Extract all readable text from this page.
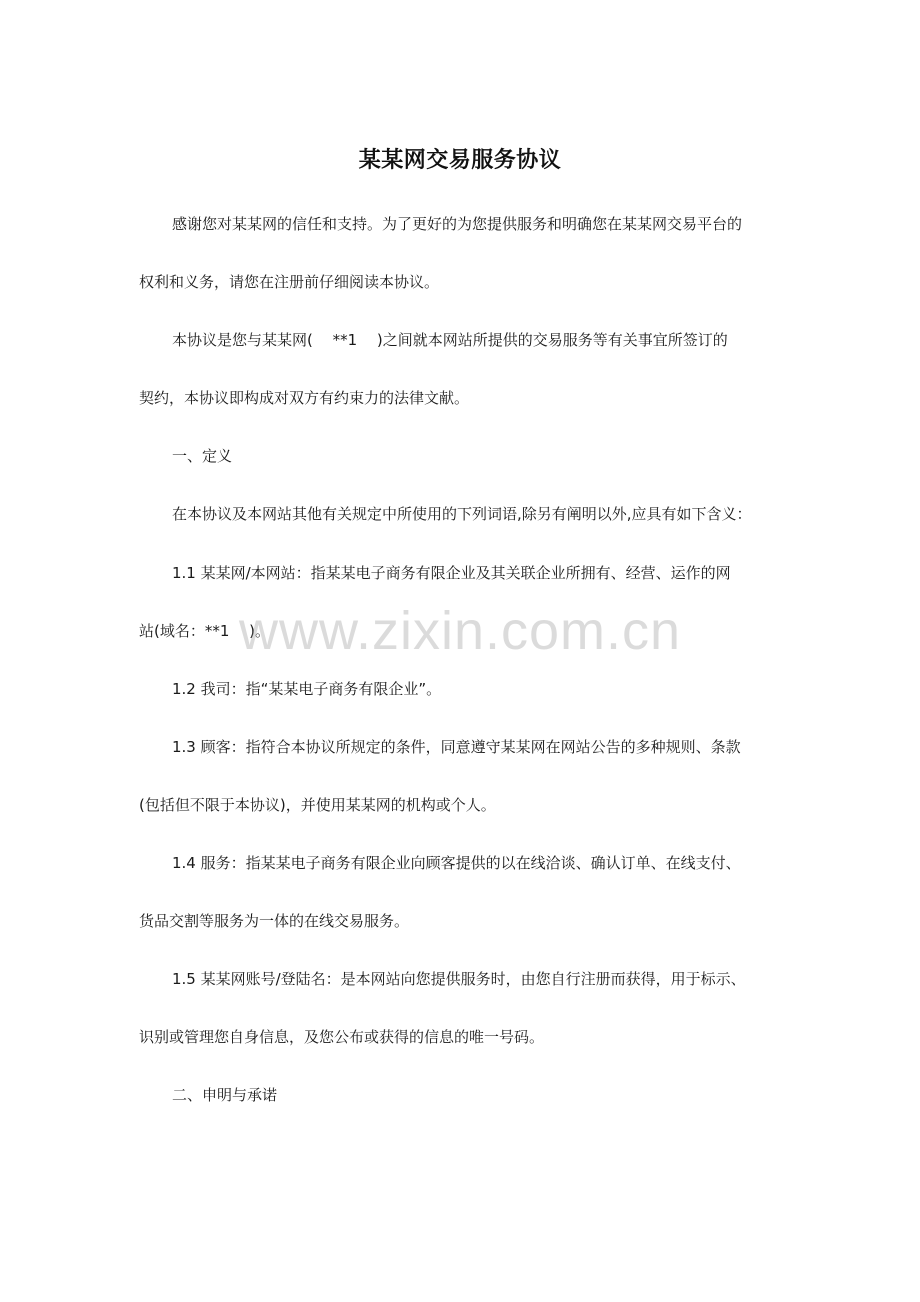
某某网交易服务协议
感谢您对某某网的信任和支持。为了更好的为您提供服务和明确您在某某网交易平台的
权利和义务，请您在注册前仔细阅读本协议。
本协议是您与某某网(　 **1　 )之间就本网站所提供的交易服务等有关事宜所签订的
契约，本协议即构成对双方有约束力的法律文献。
一、定义
在本协议及本网站其他有关规定中所使用的下列词语,除另有阐明以外,应具有如下含义：
1.1 某某网/本网站：指某某电子商务有限企业及其关联企业所拥有、经营、运作的网
站(域名：**1　 )。
1.2 我司：指“某某电子商务有限企业”。
1.3 顾客：指符合本协议所规定的条件，同意遵守某某网在网站公告的多种规则、条款
(包括但不限于本协议)，并使用某某网的机构或个人。
1.4 服务：指某某电子商务有限企业向顾客提供的以在线洽谈、确认订单、在线支付、
货品交割等服务为一体的在线交易服务。
1.5 某某网账号/登陆名：是本网站向您提供服务时，由您自行注册而获得，用于标示、
识别或管理您自身信息，及您公布或获得的信息的唯一号码。
二、申明与承诺
www.zixin.com.cn
